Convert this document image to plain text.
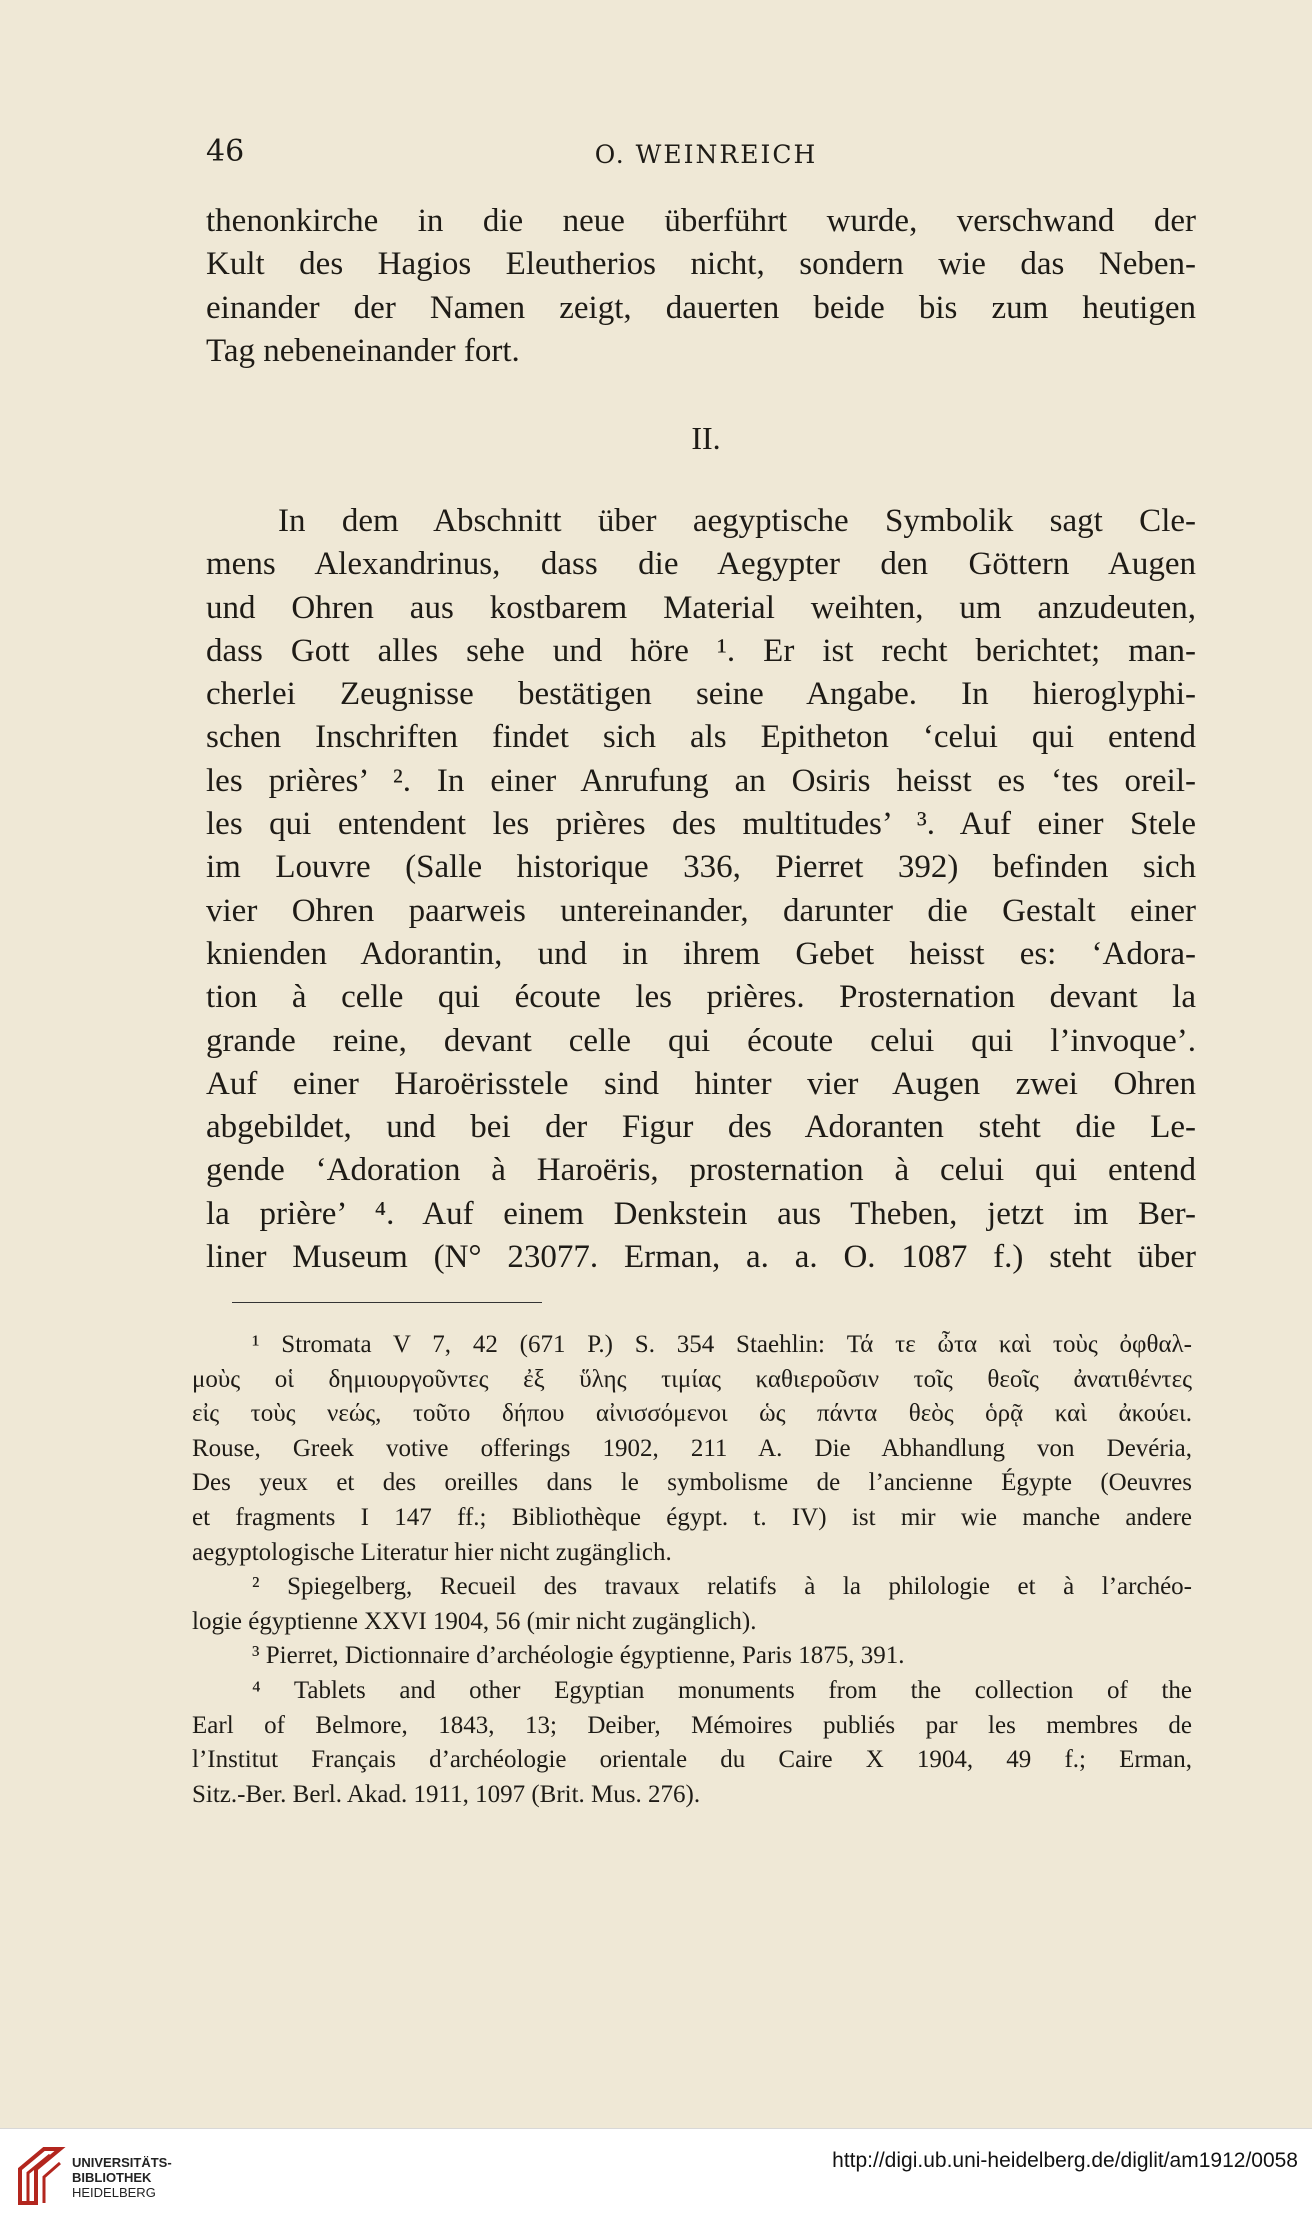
46	O. WEINREICH
thenonkirche in die neue überführt wurde, verschwand der
Kult des Hagios Eleutherios nicht, sondern wie das Neben-
einander der Namen zeigt, dauerten beide bis zum heutigen
Tag nebeneinander fort.
II.
In dem Abschnitt über aegyptische Symbolik sagt Cle-
mens Alexandrinus, dass die Aegypter den Göttern Augen
und Ohren aus kostbarem Material weihten, um anzudeuten,
dass Gott alles sehe und höre ¹. Er ist recht berichtet; man-
cherlei Zeugnisse bestätigen seine Angabe. In hieroglyphi-
schen Inschriften findet sich als Epitheton ‘celui qui entend
les prières’ ². In einer Anrufung an Osiris heisst es ‘tes oreil-
les qui entendent les prières des multitudes’ ³. Auf einer Stele
im Louvre (Salle historique 336, Pierret 392) befinden sich
vier Ohren paarweis untereinander, darunter die Gestalt einer
knienden Adorantin, und in ihrem Gebet heisst es: ‘Adora-
tion à celle qui écoute les prières. Prosternation devant la
grande reine, devant celle qui écoute celui qui l’invoque’.
Auf einer Haroërisstele sind hinter vier Augen zwei Ohren
abgebildet, und bei der Figur des Adoranten steht die Le-
gende ‘Adoration à Haroëris, prosternation à celui qui entend
la prière’ ⁴. Auf einem Denkstein aus Theben, jetzt im Ber-
liner Museum (N° 23077. Erman, a. a. O. 1087 f.) steht über
¹ Stromata V 7, 42 (671 P.) S. 354 Staehlin: Τά τε ὦτα καὶ τοὺς ὀφθαλ-
μοὺς οἱ δημιουργοῦντες ἐξ ὕλης τιμίας καθιεροῦσιν τοῖς θεοῖς ἀνατιθέντες
εἰς τοὺς νεώς, τοῦτο δήπου αἰνισσόμενοι ὡς πάντα θεὸς ὁρᾷ καὶ ἀκούει.
Rouse, Greek votive offerings 1902, 211 A. Die Abhandlung von Devéria,
Des yeux et des oreilles dans le symbolisme de l’ancienne Égypte (Oeuvres
et fragments I 147 ff.; Bibliothèque égypt. t. IV) ist mir wie manche andere
aegyptologische Literatur hier nicht zugänglich.
² Spiegelberg, Recueil des travaux relatifs à la philologie et à l’archéo-
logie égyptienne XXVI 1904, 56 (mir nicht zugänglich).
³ Pierret, Dictionnaire d’archéologie égyptienne, Paris 1875, 391.
⁴ Tablets and other Egyptian monuments from the collection of the
Earl of Belmore, 1843, 13; Deiber, Mémoires publiés par les membres de
l’Institut Français d’archéologie orientale du Caire X 1904, 49 f.; Erman,
Sitz.-Ber. Berl. Akad. 1911, 1097 (Brit. Mus. 276).
UNIVERSITÄTS-
BIBLIOTHEK
HEIDELBERG
http://digi.ub.uni-heidelberg.de/diglit/am1912/0058
